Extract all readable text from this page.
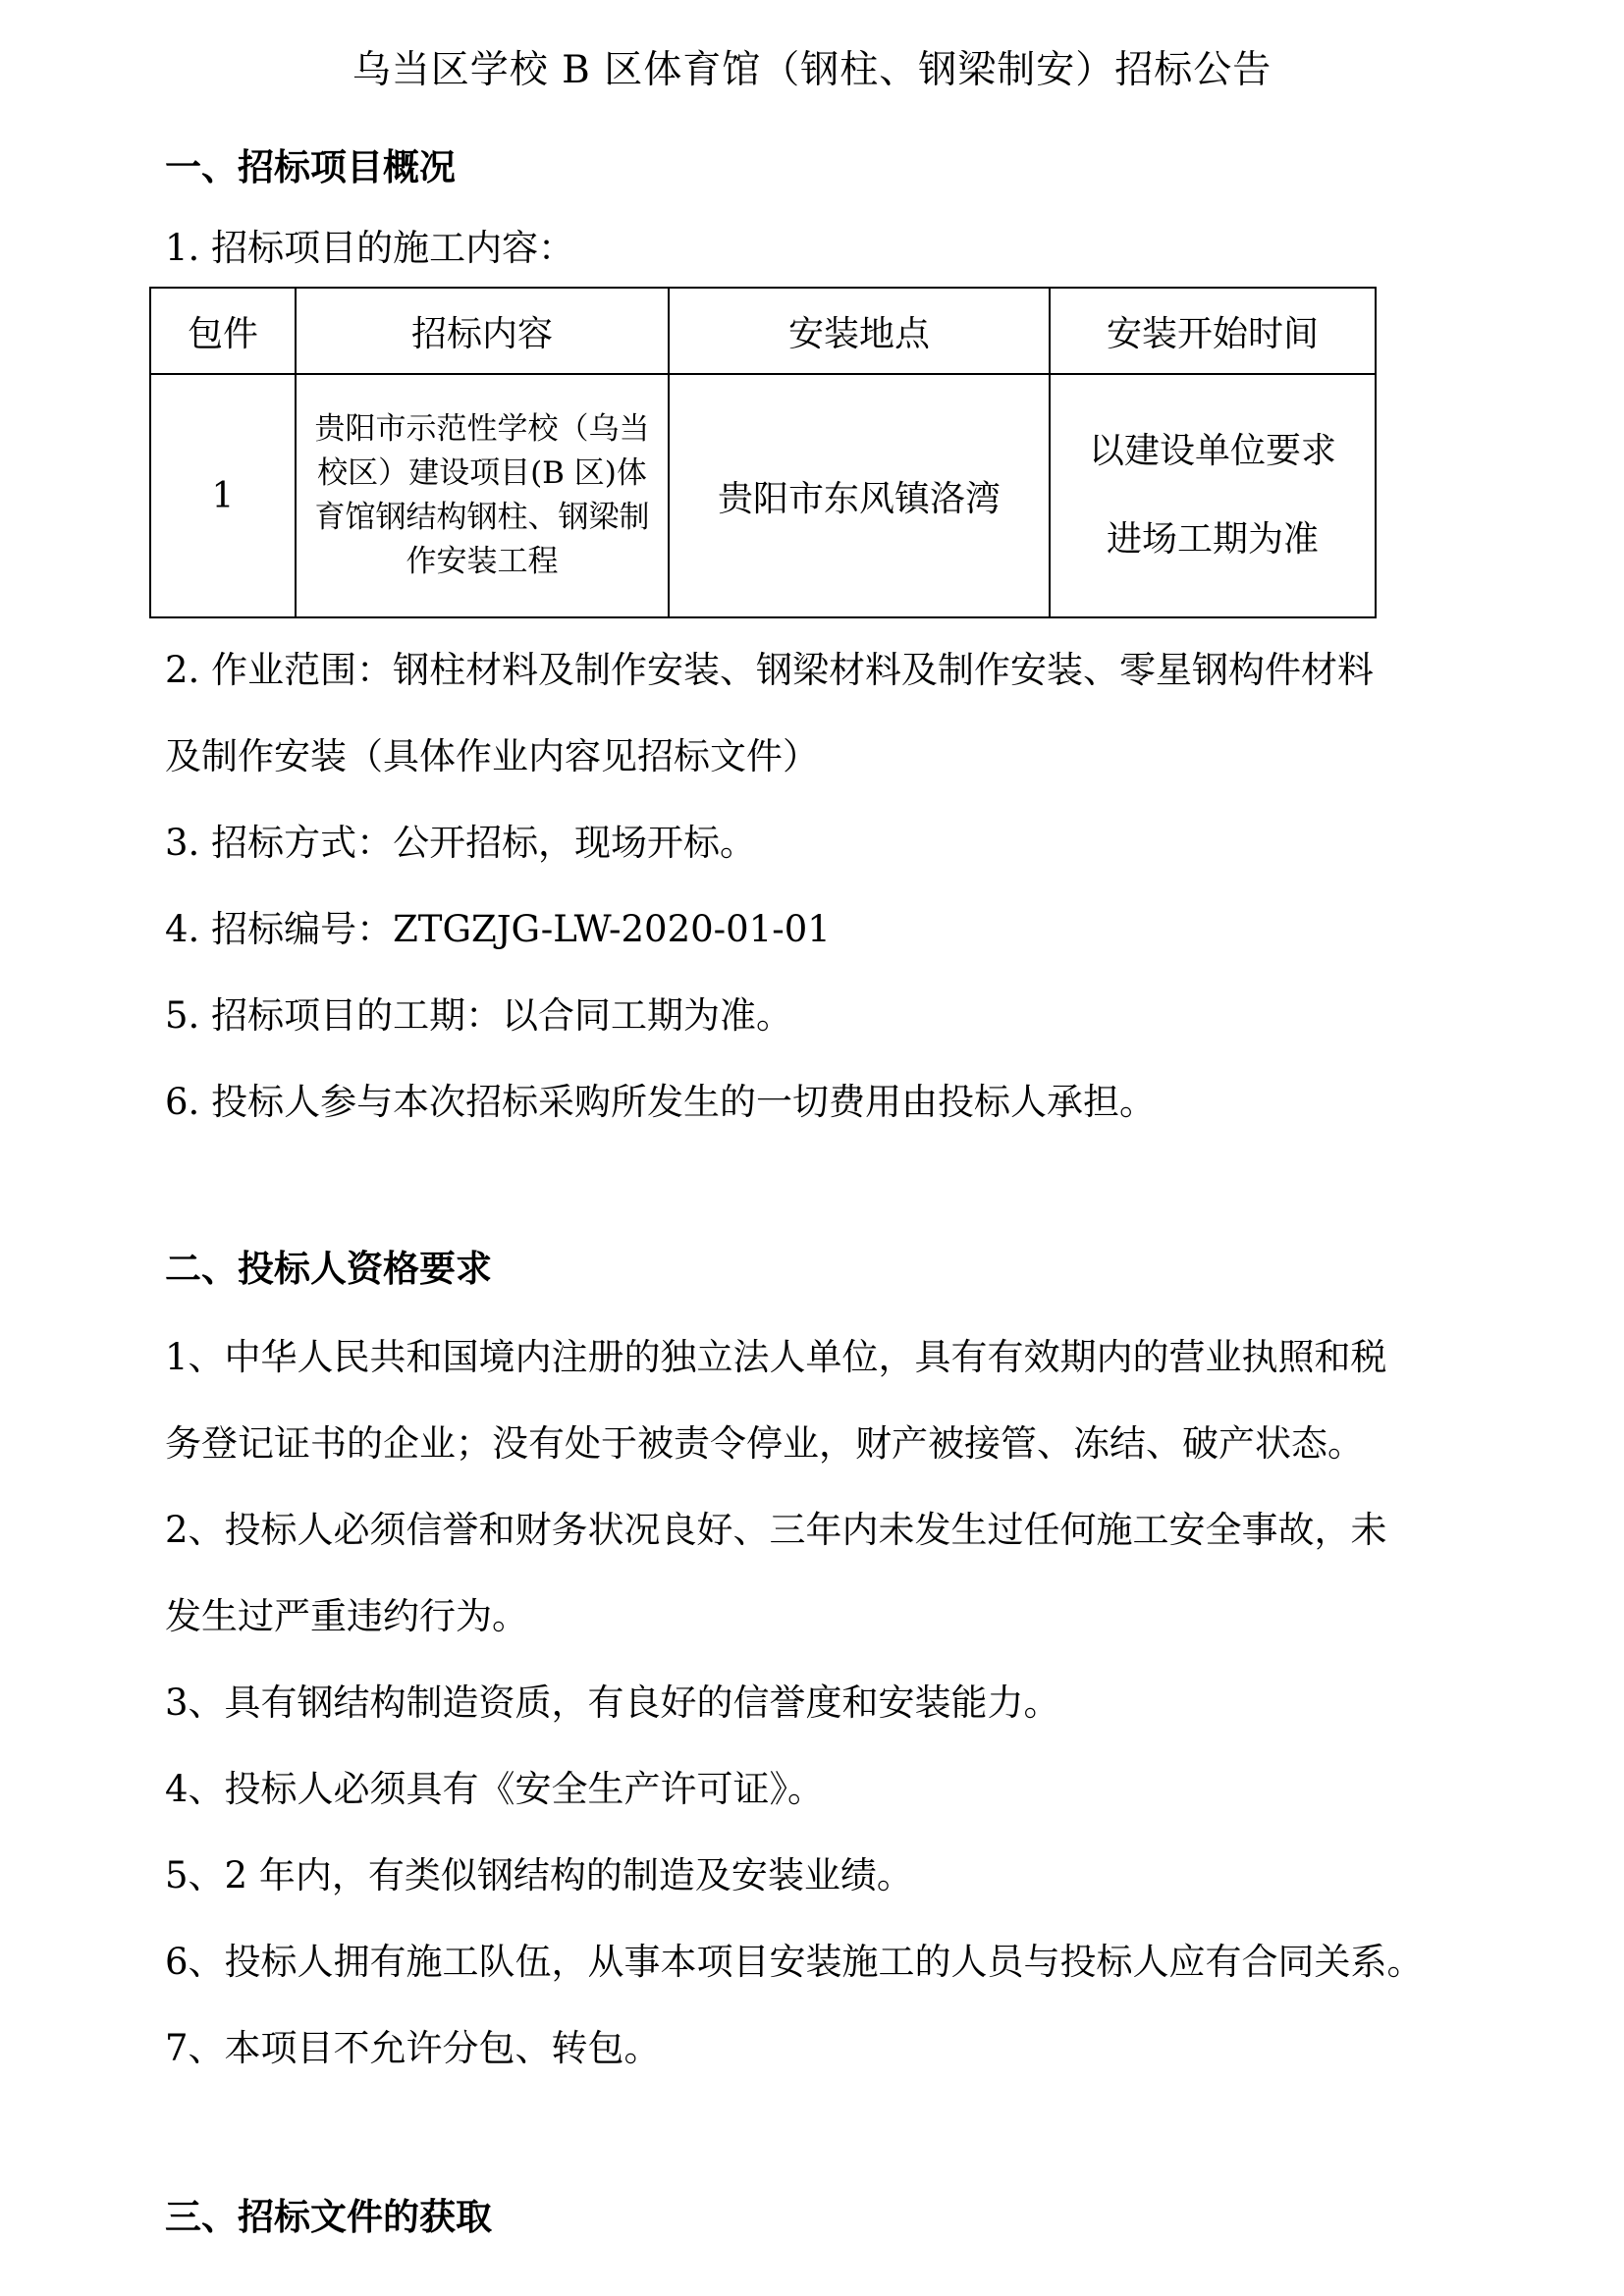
乌当区学校 B 区体育馆（钢柱、钢梁制安）招标公告
一、招标项目概况
1. 招标项目的施工内容：
包件	招标内容	安装地点	安装开始时间
1	贵阳市示范性学校（乌当校区）建设项目(B 区)体育馆钢结构钢柱、钢梁制作安装工程	贵阳市东风镇洛湾	以建设单位要求
进场工期为准
2. 作业范围：钢柱材料及制作安装、钢梁材料及制作安装、零星钢构件材料
及制作安装（具体作业内容见招标文件）
3. 招标方式：公开招标，现场开标。
4. 招标编号：ZTGZJG-LW-2020-01-01
5. 招标项目的工期：以合同工期为准。
6. 投标人参与本次招标采购所发生的一切费用由投标人承担。
二、投标人资格要求
1、中华人民共和国境内注册的独立法人单位，具有有效期内的营业执照和税
务登记证书的企业；没有处于被责令停业，财产被接管、冻结、破产状态。
2、投标人必须信誉和财务状况良好、三年内未发生过任何施工安全事故，未
发生过严重违约行为。
3、具有钢结构制造资质，有良好的信誉度和安装能力。
4、投标人必须具有《安全生产许可证》。
5、2 年内，有类似钢结构的制造及安装业绩。
6、投标人拥有施工队伍，从事本项目安装施工的人员与投标人应有合同关系。
7、本项目不允许分包、转包。
三、招标文件的获取
